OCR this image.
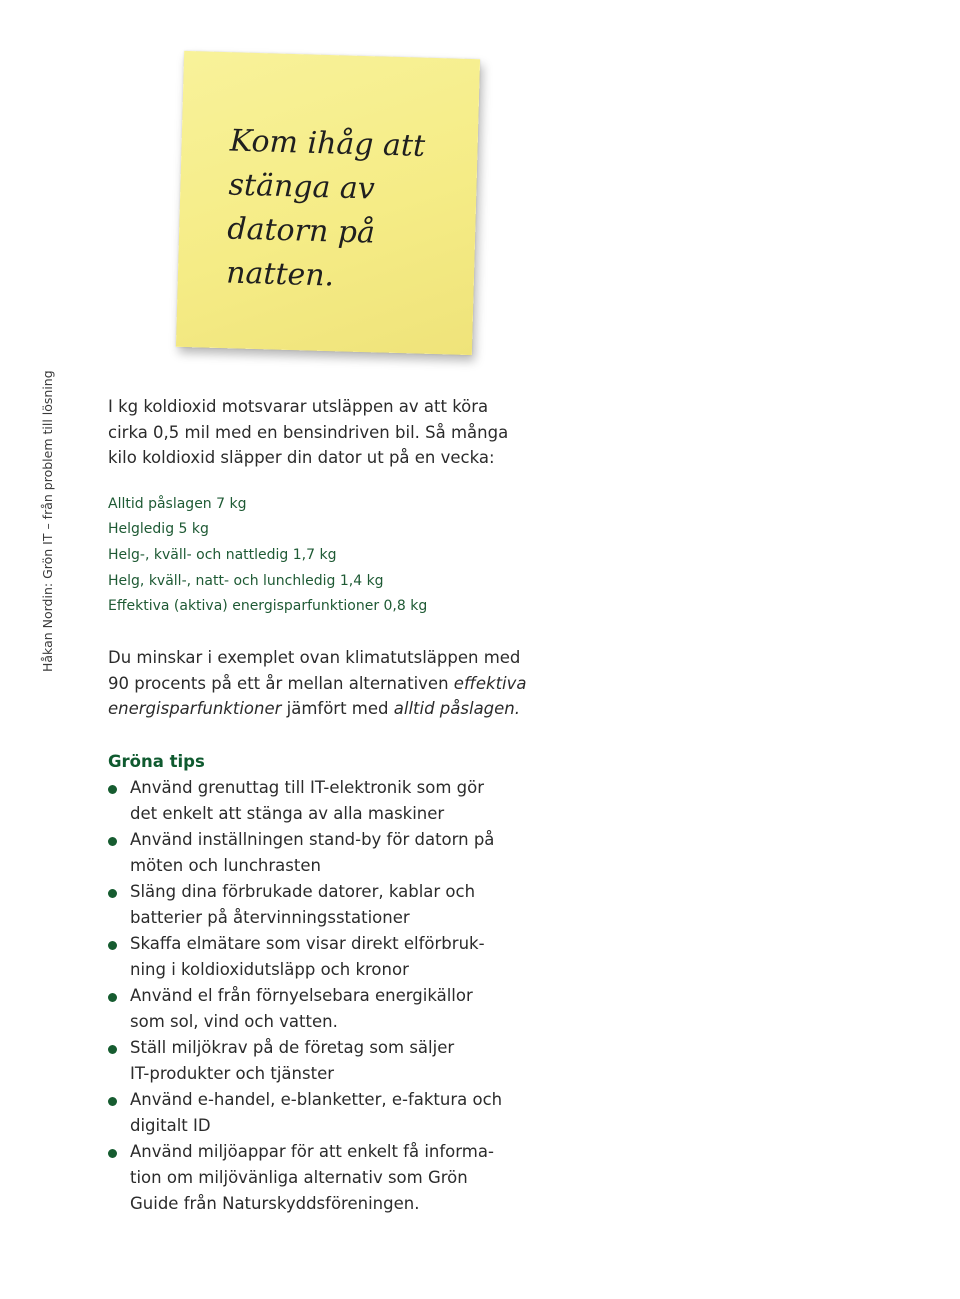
Håkan Nordin: Grön IT – från problem till lösning
Kom ihåg att
stänga av
datorn på
natten.

I kg koldioxid motsvarar utsläppen av att köra
cirka 0,5 mil med en bensindriven bil. Så många
kilo koldioxid släpper din dator ut på en vecka:

Alltid påslagen 7 kg
Helgledig 5 kg
Helg-, kväll- och nattledig 1,7 kg
Helg, kväll-, natt- och lunchledig 1,4 kg
Effektiva (aktiva) energisparfunktioner 0,8 kg

Du minskar i exemplet ovan klimatutsläppen med
90 procents på ett år mellan alternativen effektiva
energisparfunktioner jämfört med alltid påslagen.

Gröna tips
Använd grenuttag till IT-elektronik som gör
det enkelt att stänga av alla maskiner
Använd inställningen stand-by för datorn på
möten och lunchrasten
Släng dina förbrukade datorer, kablar och
batterier på återvinningsstationer
Skaffa elmätare som visar direkt elförbruk-
ning i koldioxidutsläpp och kronor
Använd el från förnyelsebara energikällor
som sol, vind och vatten.
Ställ miljökrav på de företag som säljer
IT-produkter och tjänster
Använd e-handel, e-blanketter, e-faktura och
digitalt ID
Använd miljöappar för att enkelt få informa-
tion om miljövänliga alternativ som Grön
Guide från Naturskyddsföreningen.
